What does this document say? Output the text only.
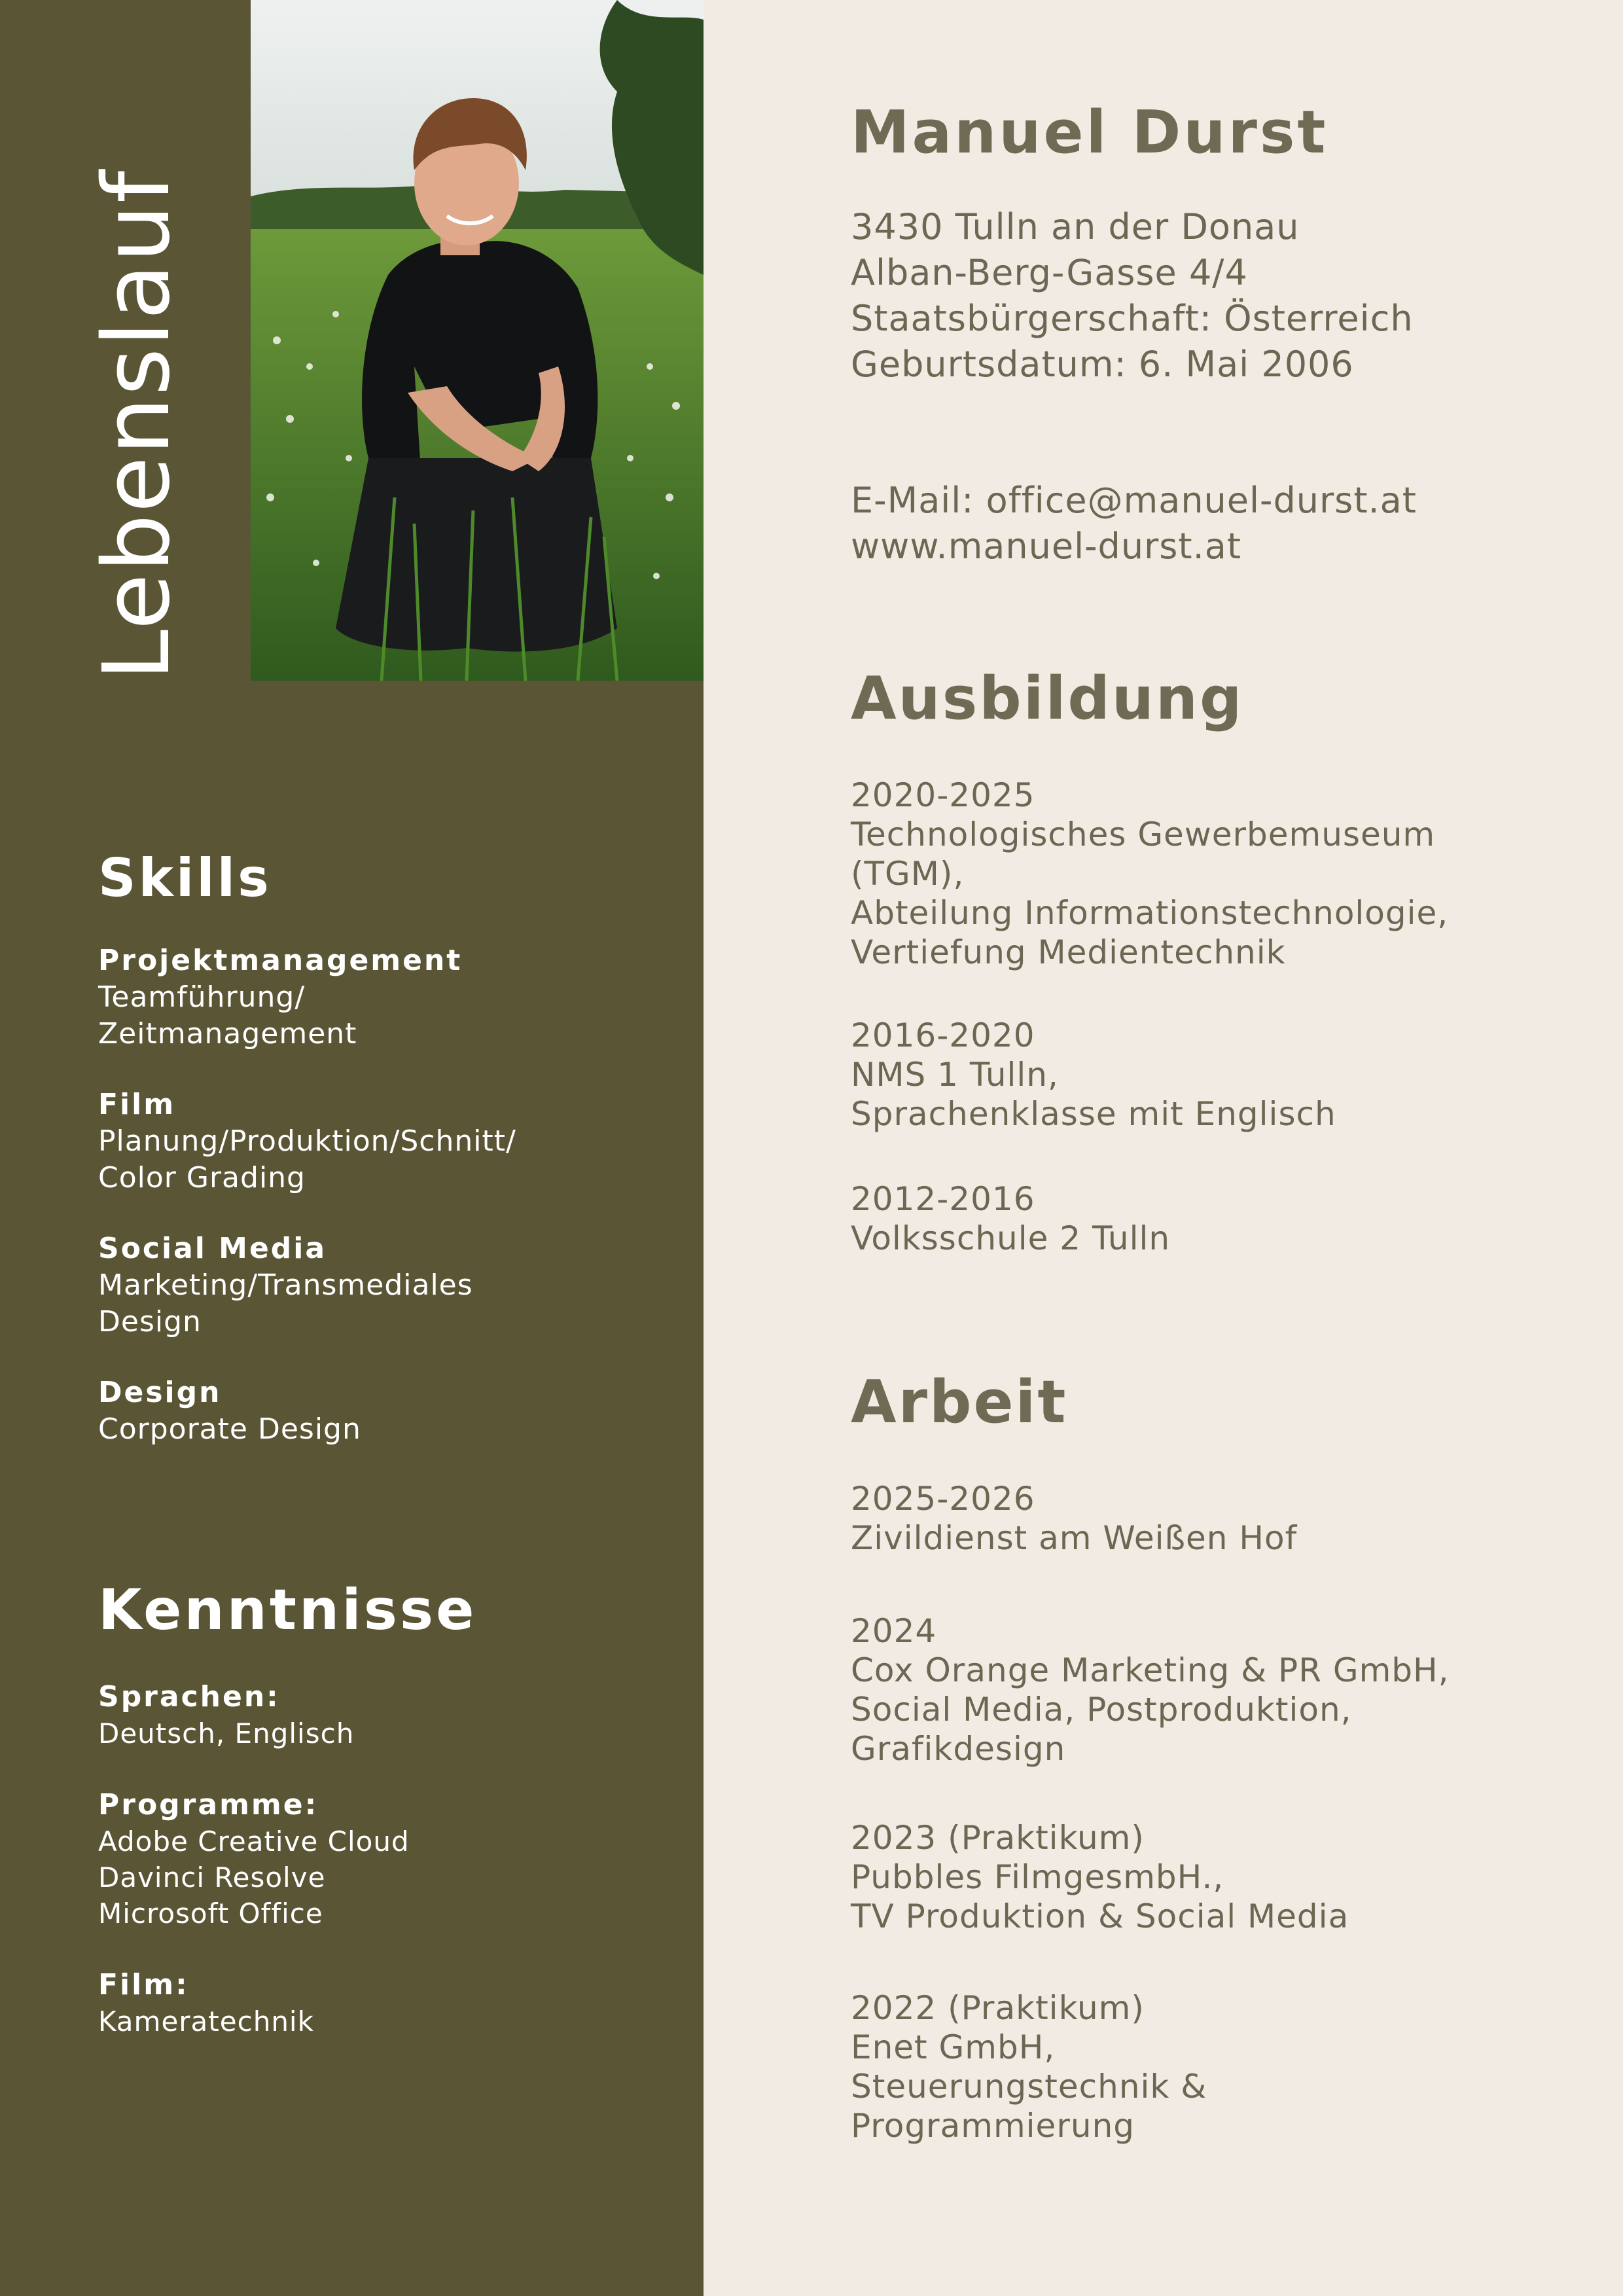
Lebenslauf
Skills
Projektmanagement
Teamführung/
Zeitmanagement
Film
Planung/Produktion/Schnitt/
Color Grading
Social Media
Marketing/Transmediales
Design
Design
Corporate Design
Kenntnisse
Sprachen:
Deutsch, Englisch
Programme:
Adobe Creative Cloud
Davinci Resolve
Microsoft Office
Film:
Kameratechnik
Manuel Durst
3430 Tulln an der Donau
Alban-Berg-Gasse 4/4
Staatsbürgerschaft: Österreich
Geburtsdatum: 6. Mai 2006
E-Mail: office@manuel-durst.at
www.manuel-durst.at
Ausbildung
2020-2025
Technologisches Gewerbemuseum
(TGM),
Abteilung Informationstechnologie,
Vertiefung Medientechnik
2016-2020
NMS 1 Tulln,
Sprachenklasse mit Englisch
2012-2016
Volksschule 2 Tulln
Arbeit
2025-2026
Zivildienst am Weißen Hof
2024
Cox Orange Marketing & PR GmbH,
Social Media, Postproduktion,
Grafikdesign
2023 (Praktikum)
Pubbles FilmgesmbH.,
TV Produktion & Social Media
2022 (Praktikum)
Enet GmbH,
Steuerungstechnik &
Programmierung
